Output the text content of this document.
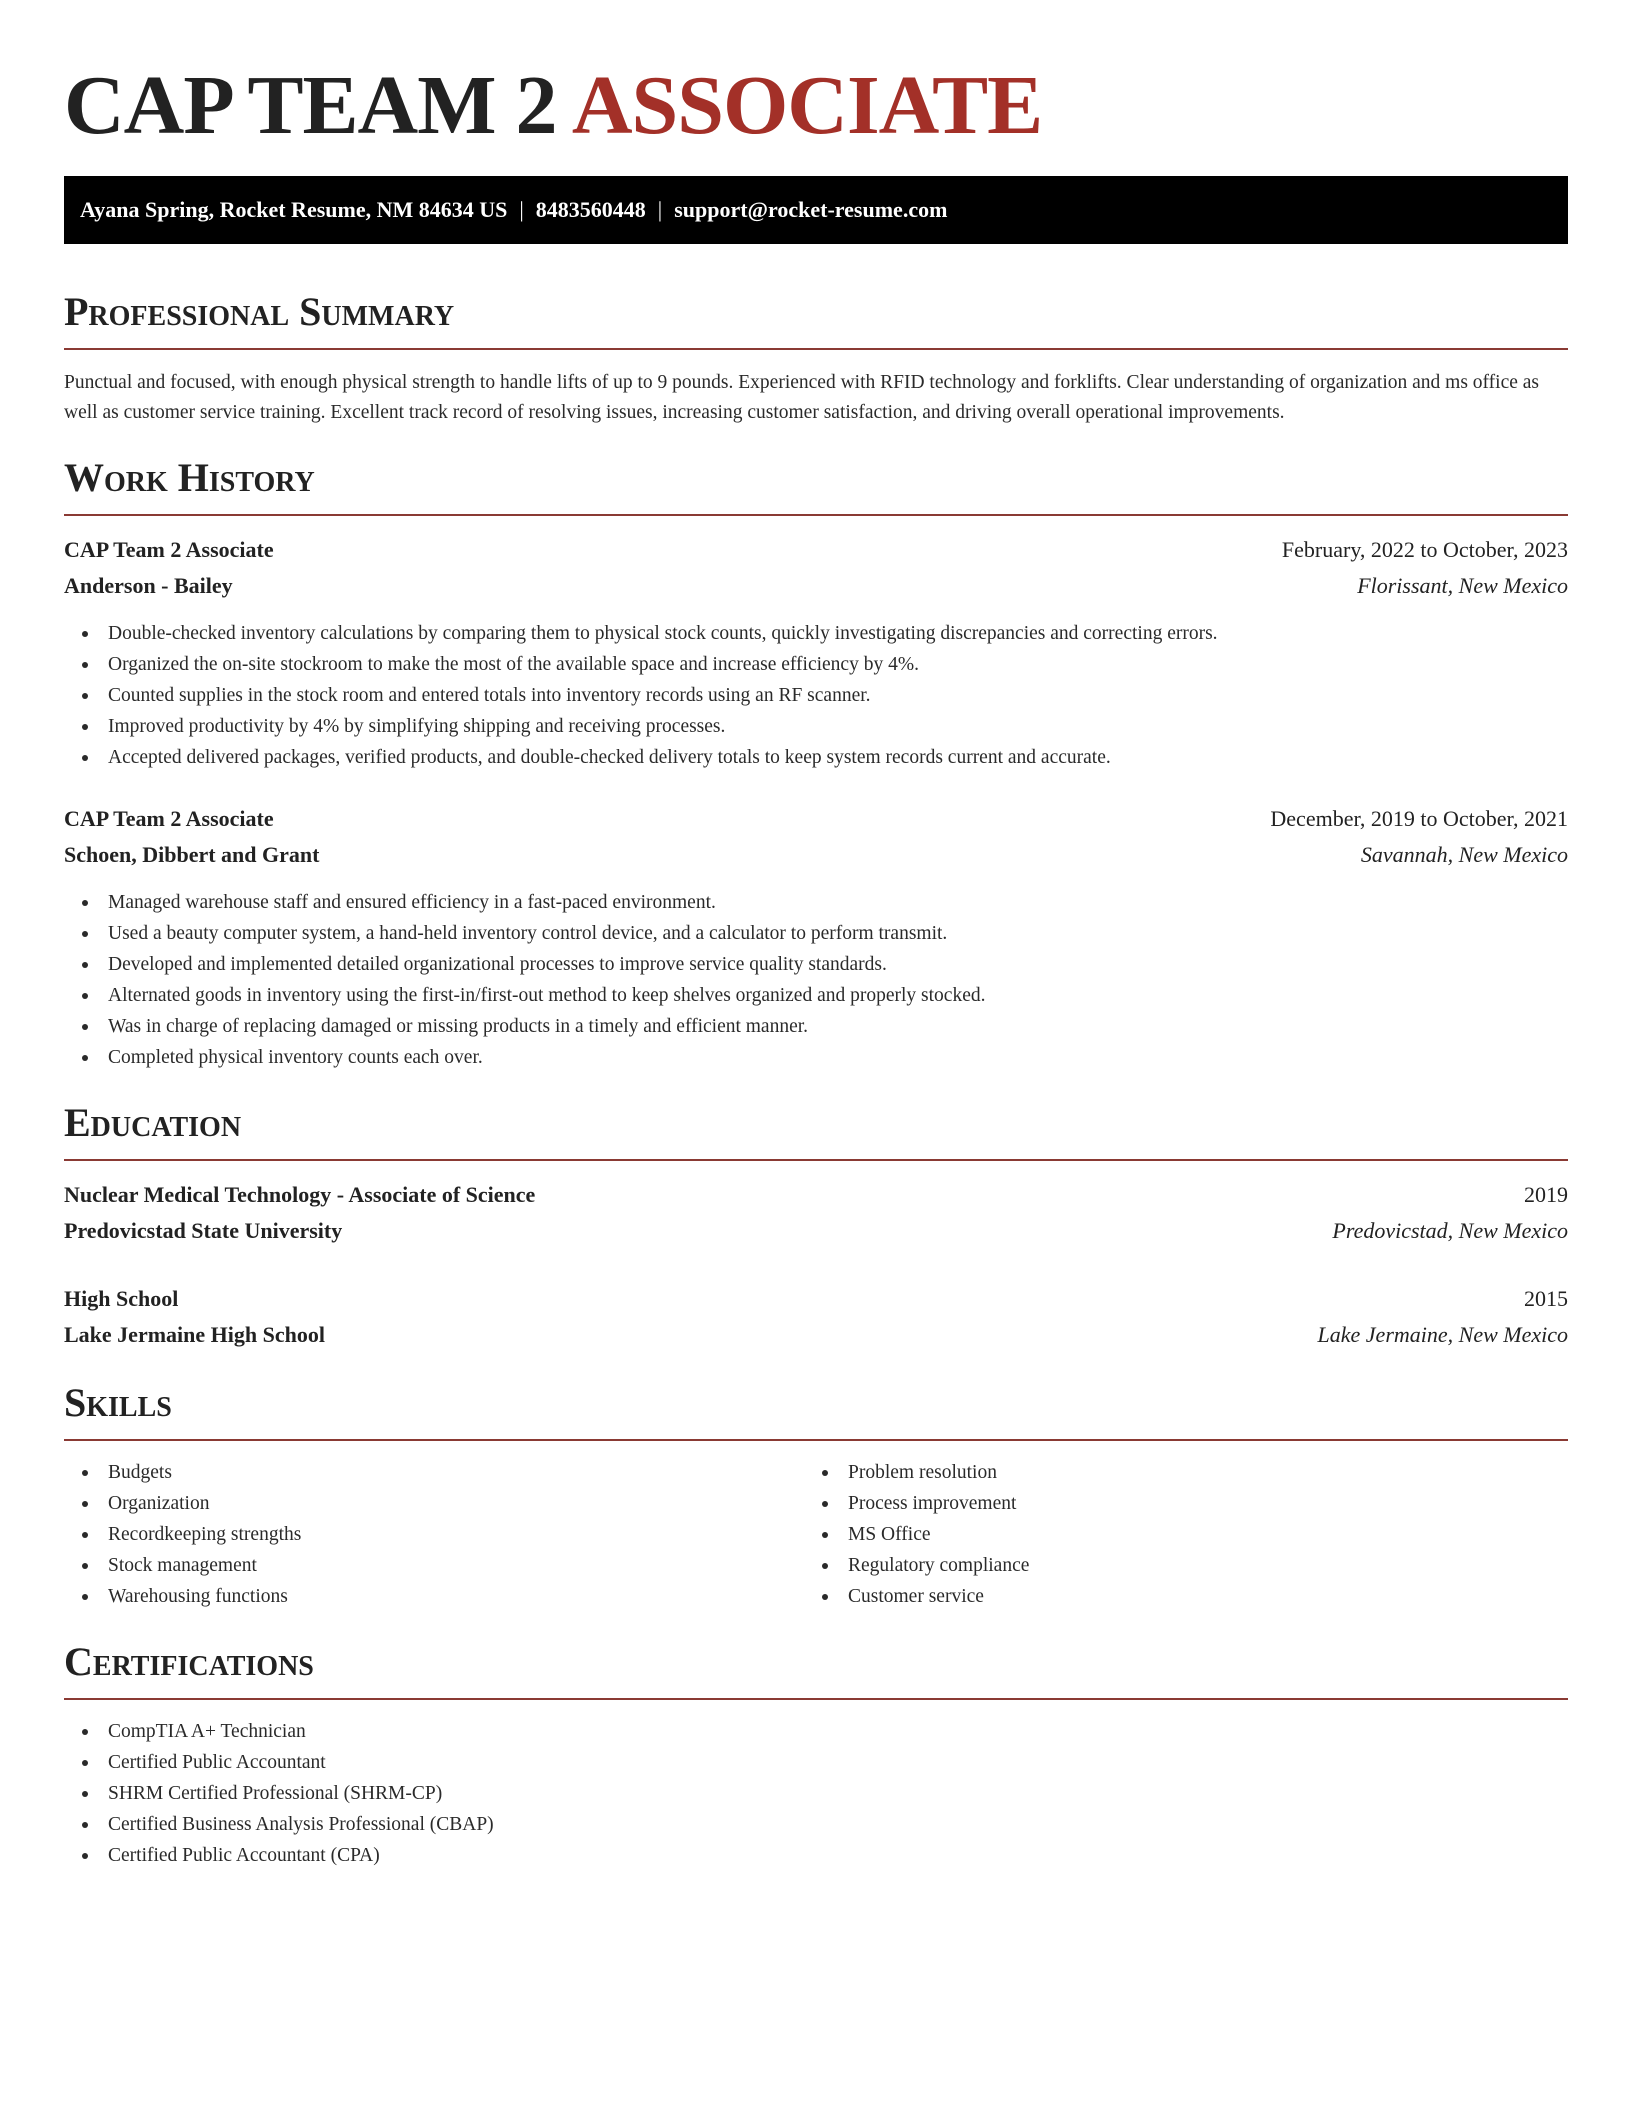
CAP TEAM 2 ASSOCIATE
Ayana Spring, Rocket Resume, NM 84634 US | 8483560448 | support@rocket-resume.com
Professional Summary
Punctual and focused, with enough physical strength to handle lifts of up to 9 pounds. Experienced with RFID technology and forklifts. Clear understanding of organization and ms office as well as customer service training. Excellent track record of resolving issues, increasing customer satisfaction, and driving overall operational improvements.
Work History
CAP Team 2 Associate	February, 2022 to October, 2023
Anderson - Bailey	Florissant, New Mexico
Double-checked inventory calculations by comparing them to physical stock counts, quickly investigating discrepancies and correcting errors.
Organized the on-site stockroom to make the most of the available space and increase efficiency by 4%.
Counted supplies in the stock room and entered totals into inventory records using an RF scanner.
Improved productivity by 4% by simplifying shipping and receiving processes.
Accepted delivered packages, verified products, and double-checked delivery totals to keep system records current and accurate.
CAP Team 2 Associate	December, 2019 to October, 2021
Schoen, Dibbert and Grant	Savannah, New Mexico
Managed warehouse staff and ensured efficiency in a fast-paced environment.
Used a beauty computer system, a hand-held inventory control device, and a calculator to perform transmit.
Developed and implemented detailed organizational processes to improve service quality standards.
Alternated goods in inventory using the first-in/first-out method to keep shelves organized and properly stocked.
Was in charge of replacing damaged or missing products in a timely and efficient manner.
Completed physical inventory counts each over.
Education
Nuclear Medical Technology - Associate of Science	2019
Predovicstad State University	Predovicstad, New Mexico
High School	2015
Lake Jermaine High School	Lake Jermaine, New Mexico
Skills
Budgets
Organization
Recordkeeping strengths
Stock management
Warehousing functions
Problem resolution
Process improvement
MS Office
Regulatory compliance
Customer service
Certifications
CompTIA A+ Technician
Certified Public Accountant
SHRM Certified Professional (SHRM-CP)
Certified Business Analysis Professional (CBAP)
Certified Public Accountant (CPA)
